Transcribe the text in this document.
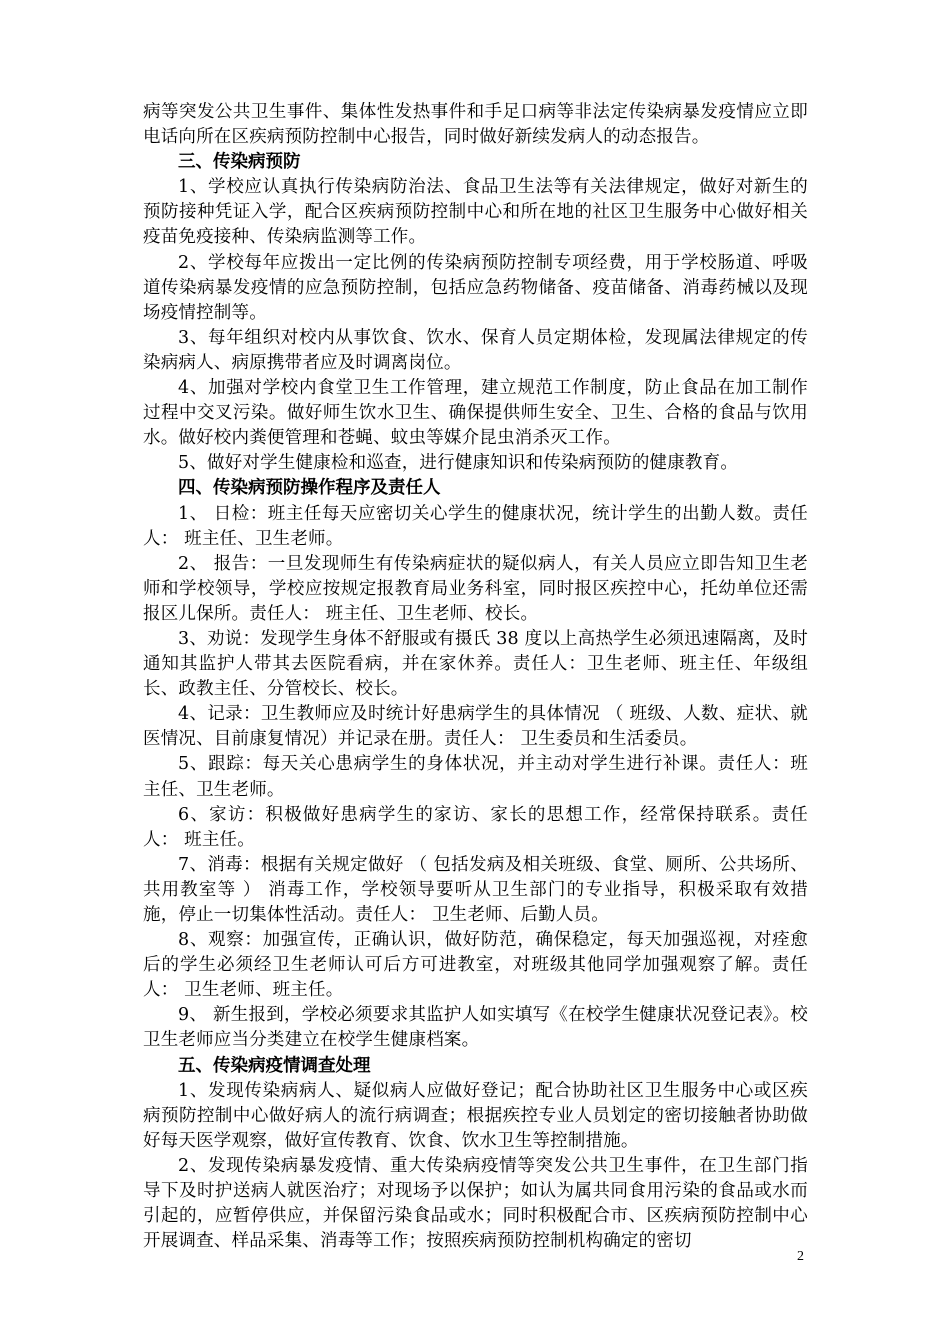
病等突发公共卫生事件、集体性发热事件和手足口病等非法定传染病暴发疫情应立即电话向所在区疾病预防控制中心报告，同时做好新续发病人的动态报告。

三、传染病预防

1、学校应认真执行传染病防治法、食品卫生法等有关法律规定，做好对新生的预防接种凭证入学，配合区疾病预防控制中心和所在地的社区卫生服务中心做好相关疫苗免疫接种、传染病监测等工作。

2、学校每年应拨出一定比例的传染病预防控制专项经费，用于学校肠道、呼吸道传染病暴发疫情的应急预防控制，包括应急药物储备、疫苗储备、消毒药械以及现场疫情控制等。

3、每年组织对校内从事饮食、饮水、保育人员定期体检，发现属法律规定的传染病病人、病原携带者应及时调离岗位。

4、加强对学校内食堂卫生工作管理，建立规范工作制度，防止食品在加工制作过程中交叉污染。做好师生饮水卫生、确保提供师生安全、卫生、合格的食品与饮用水。做好校内粪便管理和苍蝇、蚊虫等媒介昆虫消杀灭工作。

5、做好对学生健康检和巡查，进行健康知识和传染病预防的健康教育。

四、传染病预防操作程序及责任人

1、 日检：班主任每天应密切关心学生的健康状况，统计学生的出勤人数。责任人： 班主任、卫生老师。

2、 报告：一旦发现师生有传染病症状的疑似病人，有关人员应立即告知卫生老师和学校领导，学校应按规定报教育局业务科室，同时报区疾控中心，托幼单位还需报区儿保所。责任人： 班主任、卫生老师、校长。

3、劝说：发现学生身体不舒服或有摄氏 38 度以上高热学生必须迅速隔离，及时通知其监护人带其去医院看病，并在家休养。责任人：卫生老师、班主任、年级组长、政教主任、分管校长、校长。

4、记录：卫生教师应及时统计好患病学生的具体情况 （ 班级、人数、症状、就医情况、目前康复情况）并记录在册。责任人： 卫生委员和生活委员。

5、跟踪：每天关心患病学生的身体状况，并主动对学生进行补课。责任人：班主任、卫生老师。

6、家访：积极做好患病学生的家访、家长的思想工作，经常保持联系。责任人： 班主任。

7、消毒：根据有关规定做好 （ 包括发病及相关班级、食堂、厕所、公共场所、共用教室等 ） 消毒工作，学校领导要听从卫生部门的专业指导，积极采取有效措施，停止一切集体性活动。责任人： 卫生老师、后勤人员。

8、观察：加强宣传，正确认识，做好防范，确保稳定，每天加强巡视，对痊愈后的学生必须经卫生老师认可后方可进教室，对班级其他同学加强观察了解。责任人： 卫生老师、班主任。

9、 新生报到，学校必须要求其监护人如实填写《在校学生健康状况登记表》。校卫生老师应当分类建立在校学生健康档案。

五、传染病疫情调查处理

1、发现传染病病人、疑似病人应做好登记；配合协助社区卫生服务中心或区疾病预防控制中心做好病人的流行病调查；根据疾控专业人员划定的密切接触者协助做好每天医学观察，做好宣传教育、饮食、饮水卫生等控制措施。

2、发现传染病暴发疫情、重大传染病疫情等突发公共卫生事件，在卫生部门指导下及时护送病人就医治疗；对现场予以保护；如认为属共同食用污染的食品或水而引起的，应暂停供应，并保留污染食品或水；同时积极配合市、区疾病预防控制中心开展调查、样品采集、消毒等工作；按照疾病预防控制机构确定的密切

2
